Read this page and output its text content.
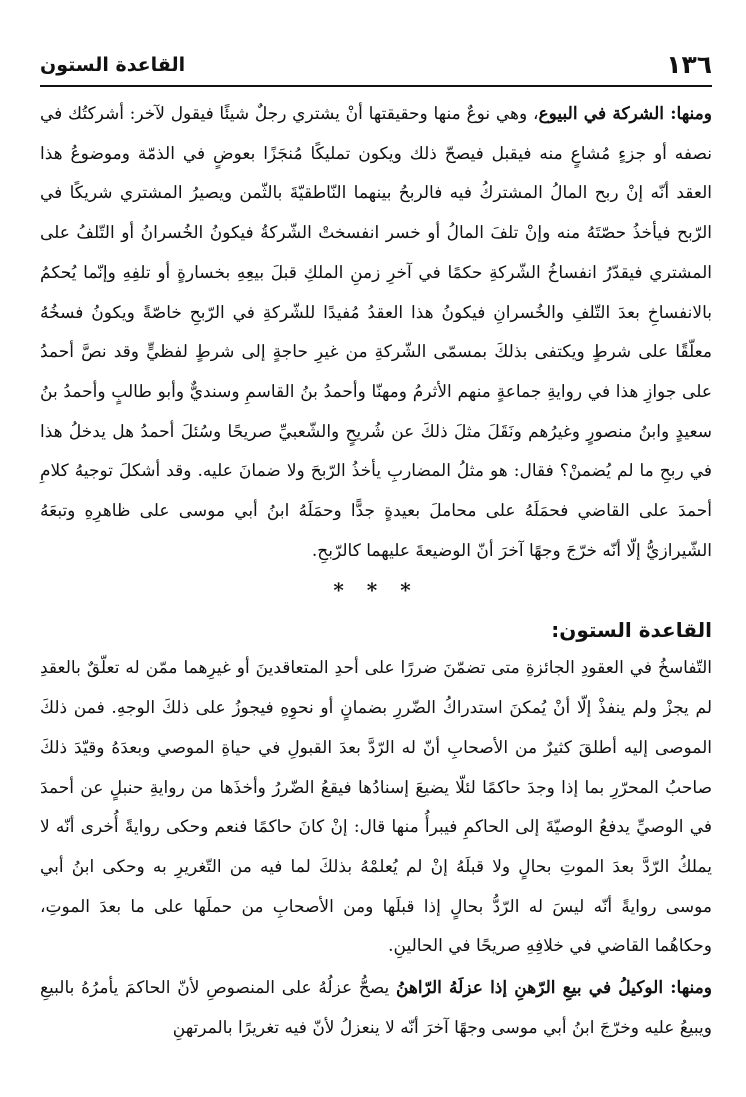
١٣٦
القاعدة الستون

ومنها: الشركة في البيوع، وهي نوعٌ منها وحقيقتها أنْ يشتري رجلٌ شيئًا فيقول لآخر: أشركتُك في نصفه أو جزءٍ مُشاعٍ منه فيقبل فيصحّ ذلك ويكون تمليكًا مُنجَزًا بعوضٍ في الذمّة وموضوعُ هذا العقد أنّه إنْ ربح المالُ المشتركُ فيه فالربحُ بينهما النّاطقيّةَ بالثّمن ويصيرُ المشتري شريكًا في الرّبح فيأخذُ حصّتَهُ منه وإنْ تلفَ المالُ أو خسر انفسختْ الشّركةُ فيكونُ الخُسرانُ أو التّلفُ على المشتري فيقدّرُ انفساخُ الشّركةِ حكمًا في آخرِ زمنِ الملكِ قبلَ بيعِهِ بخسارةٍ أو تلفِهِ وإنّما يُحكمُ بالانفساخِ بعدَ التّلفِ والخُسرانِ فيكونُ هذا العقدُ مُفيدًا للشّركةِ في الرّبحِ خاصّةً ويكونُ فسخُهُ معلّقًا على شرطٍ ويكتفى بذلكَ بمسمّى الشّركةِ من غيرِ حاجةٍ إلى شرطٍ لفظيٍّ وقد نصَّ أحمدُ على جوازِ هذا في روايةِ جماعةٍ منهم الأثرمُ ومهنّا وأحمدُ بنُ القاسمِ وسنديٌّ وأبو طالبٍ وأحمدُ بنُ سعيدٍ وابنُ منصورٍ وغيرُهم ونَقَلَ مثلَ ذلكَ عن شُريحٍ والشّعبيِّ صريحًا وسُئلَ أحمدُ هل يدخلُ هذا في ربحِ ما لم يُضمنْ؟ فقال: هو مثلُ المضاربِ يأخذُ الرّبحَ ولا ضمانَ عليه. وقد أشكلَ توجيهُ كلامِ أحمدَ على القاضي فحمَلَهُ على محاملَ بعيدةٍ جدًّا وحمَلَهُ ابنُ أبي موسى على ظاهرِهِ وتبعَهُ الشّيرازيُّ إلّا أنّه خرّجَ وجهًا آخرَ أنّ الوضيعةَ عليهما كالرّبحِ.

* * *
القاعدة الستون:

التّفاسخُ في العقودِ الجائزةِ متى تضمّنَ ضررًا على أحدِ المتعاقدينَ أو غيرِهما ممّن له تعلّقٌ بالعقدِ لم يجزْ ولم ينفذْ إلّا أنْ يُمكنَ استدراكُ الضّررِ بضمانٍ أو نحوِهِ فيجوزُ على ذلكَ الوجهِ. فمن ذلكَ الموصى إليه أطلقَ كثيرٌ من الأصحابِ أنّ له الرّدَّ بعدَ القبولِ في حياةِ الموصي وبعدَهُ وقيّدَ ذلكَ صاحبُ المحرّرِ بما إذا وجدَ حاكمًا لئلّا يضيعَ إسنادُها فيقعُ الضّررُ وأخذَها من روايةِ حنبلٍ عن أحمدَ في الوصيِّ يدفعُ الوصيّةَ إلى الحاكمِ فيبرأُ منها قال: إنْ كانَ حاكمًا فنعم وحكى روايةً أُخرى أنّه لا يملكُ الرّدَّ بعدَ الموتِ بحالٍ ولا قبلَهُ إنْ لم يُعلمْهُ بذلكَ لما فيه من التّغريرِ به وحكى ابنُ أبي موسى روايةً أنّه ليسَ له الرّدُّ بحالٍ إذا قبلَها ومن الأصحابِ من حملَها على ما بعدَ الموتِ، وحكاهُما القاضي في خلافِهِ صريحًا في الحالينِ.

ومنها: الوكيلُ في بيعِ الرّهنِ إذا عزلَهُ الرّاهنُ يصحُّ عزلُهُ على المنصوصِ لأنّ الحاكمَ يأمرُهُ بالبيعِ ويبيعُ عليه وخرّجَ ابنُ أبي موسى وجهًا آخرَ أنّه لا ينعزلُ لأنّ فيه تغريرًا بالمرتهنِ
